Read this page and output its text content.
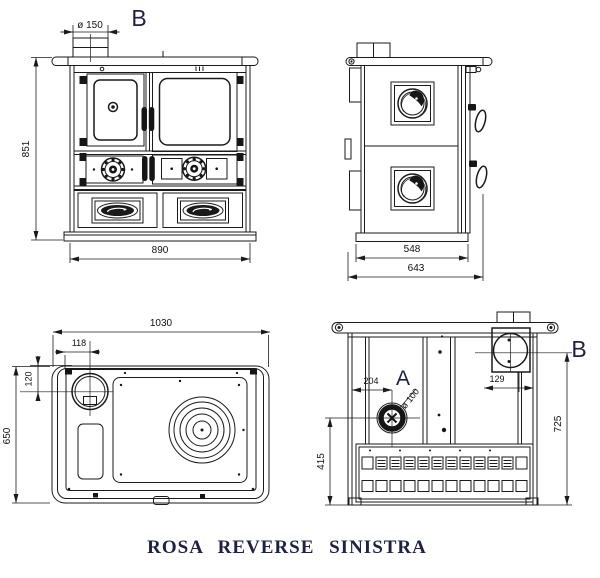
ø 150 B
851
890	548
643
1030
118
120
650
B
A
ø 100
204	129
415
725
ROSA REVERSE SINISTRA
